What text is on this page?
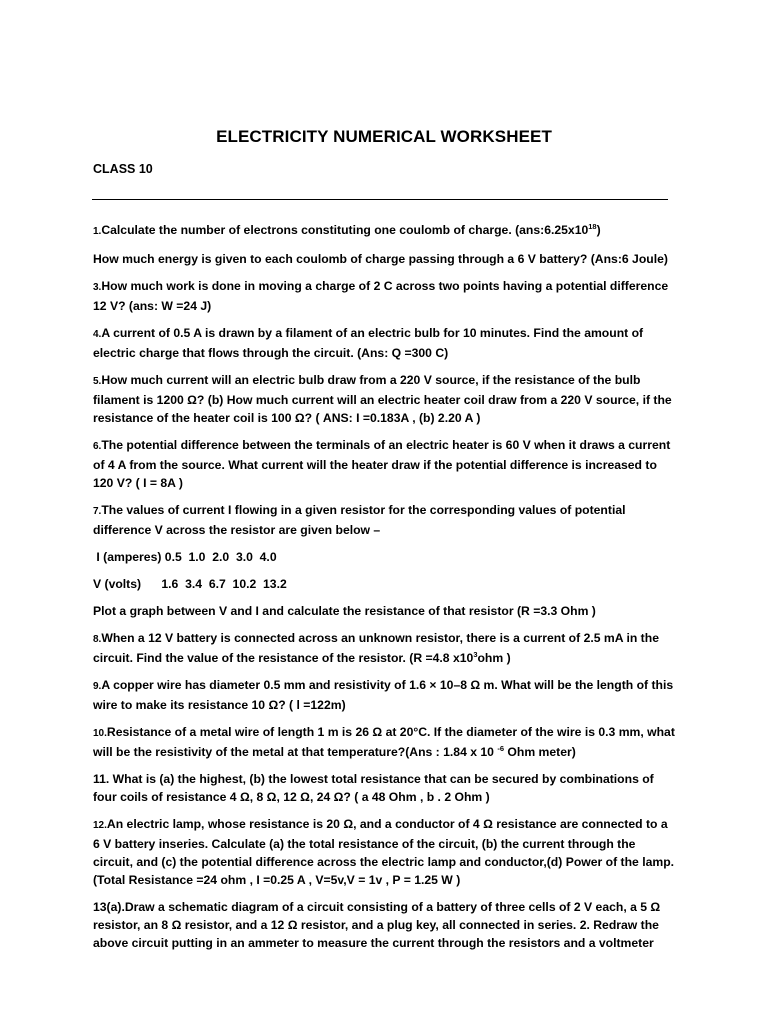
ELECTRICITY NUMERICAL WORKSHEET
CLASS 10

1.Calculate the number of electrons constituting one coulomb of charge. $(ans:6.25x10^{18})$

How much energy is given to each coulomb of charge passing through a 6 V battery? (Ans:6 Joule)

3.How much work is done in moving a charge of 2 C across two points having a potential difference 12 V? (ans: W =24 J)

4.A current of 0.5 A is drawn by a filament of an electric bulb for 10 minutes. Find the amount of electric charge that flows through the circuit. (Ans: Q =300 C)

5.How much current will an electric bulb draw from a 220 V source, if the resistance of the bulb filament is 1200 Ω? (b) How much current will an electric heater coil draw from a 220 V source, if the resistance of the heater coil is 100 Ω? ( ANS: I =0.183A , (b) 2.20 A )

6.The potential difference between the terminals of an electric heater is 60 V when it draws a current of 4 A from the source. What current will the heater draw if the potential difference is increased to 120 V? ( I = 8A )

7.The values of current I flowing in a given resistor for the corresponding values of potential difference V across the resistor are given below –

I (amperes) 0.5  1.0  2.0  3.0  4.0
V (volts)      1.6  3.4  6.7  10.2  13.2

Plot a graph between V and I and calculate the resistance of that resistor (R =3.3 Ohm )

8.When a 12 V battery is connected across an unknown resistor, there is a current of 2.5 mA in the circuit. Find the value of the resistance of the resistor. (R =4.8 $x10^3ohm$ )

9.A copper wire has diameter 0.5 mm and resistivity of 1.6 × 10–8 Ω m. What will be the length of this wire to make its resistance 10 Ω? ( l =122m)

10.Resistance of a metal wire of length 1 m is 26 Ω at 20°C. If the diameter of the wire is 0.3 mm, what will be the resistivity of the metal at that temperature?(Ans : 1.84 x 10 $^{-6}$ Ohm meter)

11. What is (a) the highest, (b) the lowest total resistance that can be secured by combinations of four coils of resistance 4 Ω, 8 Ω, 12 Ω, 24 Ω? ( a 48 Ohm , b . 2 Ohm )

12.An electric lamp, whose resistance is 20 Ω, and a conductor of 4 Ω resistance are connected to a 6 V battery inseries. Calculate (a) the total resistance of the circuit, (b) the current through the circuit, and (c) the potential difference across the electric lamp and conductor,(d) Power of the lamp. (Total Resistance =24 ohm , I =0.25 A , V=5v,V = 1v , P = 1.25 W )

13(a).Draw a schematic diagram of a circuit consisting of a battery of three cells of 2 V each, a 5 Ω resistor, an 8 Ω resistor, and a 12 Ω resistor, and a plug key, all connected in series. 2. Redraw the above circuit putting in an ammeter to measure the current through the resistors and a voltmeter
